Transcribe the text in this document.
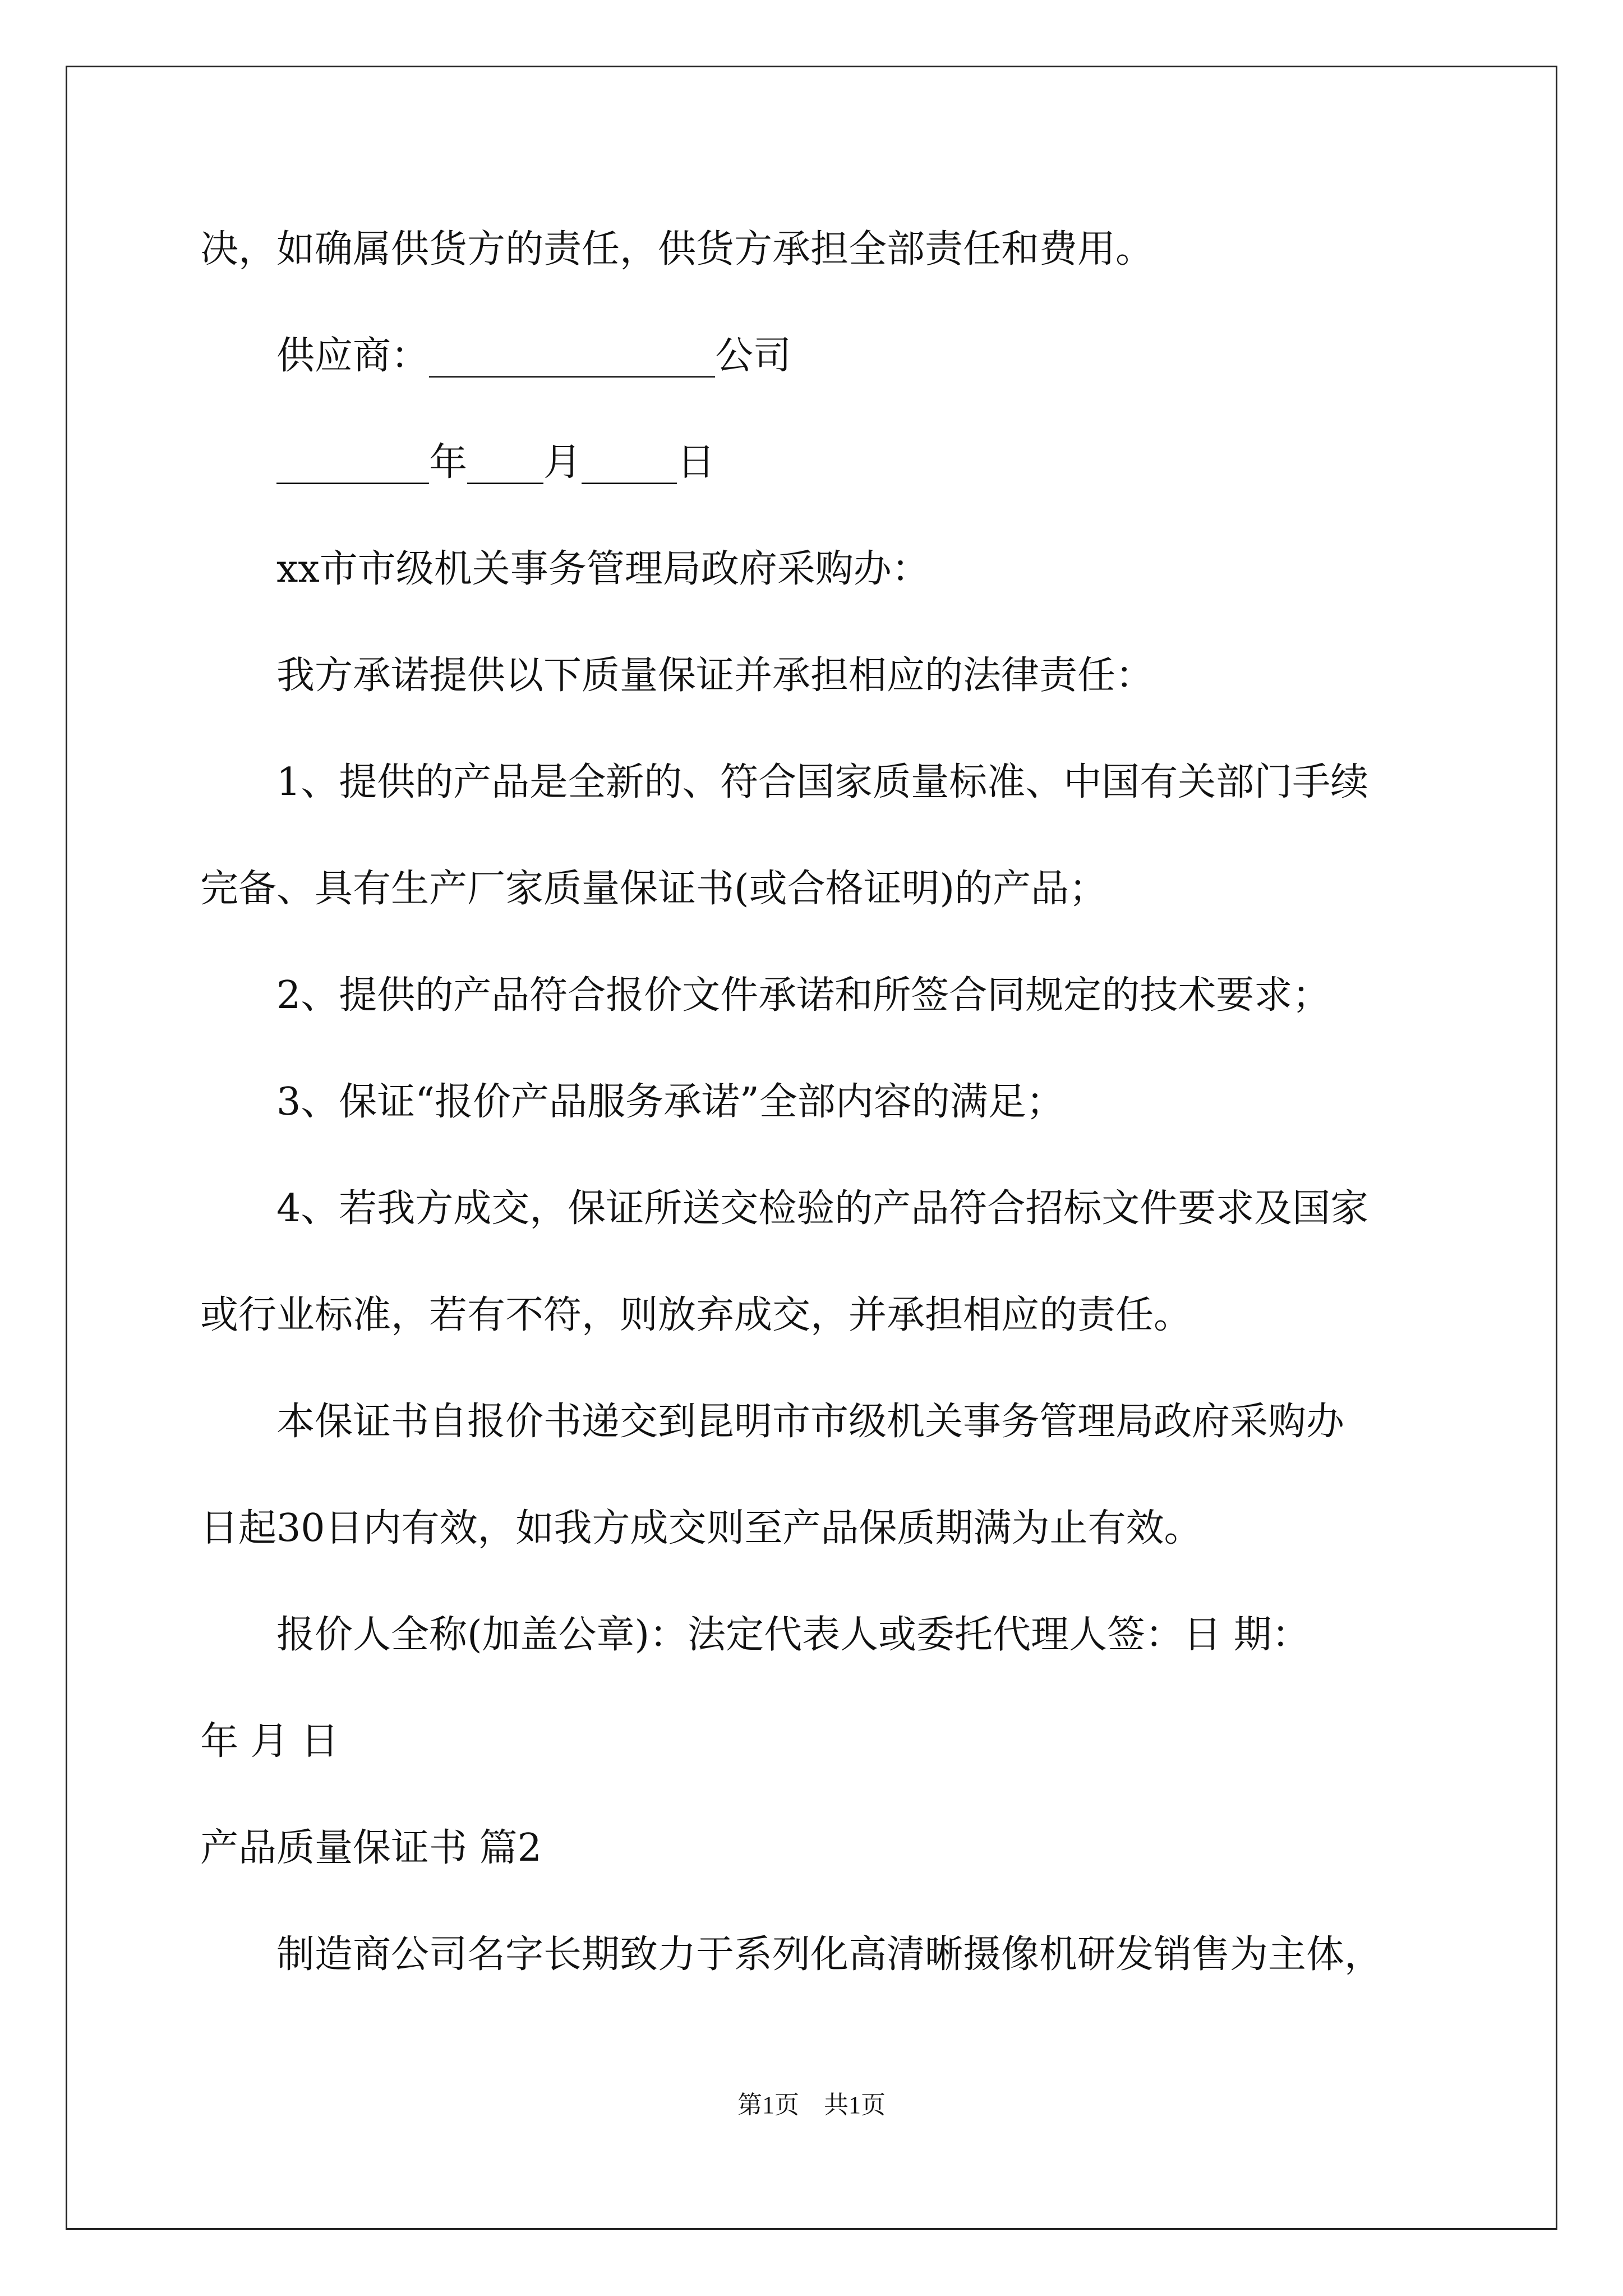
决，如确属供货方的责任，供货方承担全部责任和费用。
供应商：_______________公司
________年____月_____日
xx市市级机关事务管理局政府采购办：
我方承诺提供以下质量保证并承担相应的法律责任：
1、提供的产品是全新的、符合国家质量标准、中国有关部门手续
完备、具有生产厂家质量保证书(或合格证明)的产品；
2、提供的产品符合报价文件承诺和所签合同规定的技术要求；
3、保证“报价产品服务承诺”全部内容的满足；
4、若我方成交，保证所送交检验的产品符合招标文件要求及国家
或行业标准，若有不符，则放弃成交，并承担相应的责任。
本保证书自报价书递交到昆明市市级机关事务管理局政府采购办
日起30日内有效，如我方成交则至产品保质期满为止有效。
报价人全称(加盖公章)：法定代表人或委托代理人签：日 期：
年 月 日
产品质量保证书 篇2
制造商公司名字长期致力于系列化高清晰摄像机研发销售为主体，
第1页　共1页
